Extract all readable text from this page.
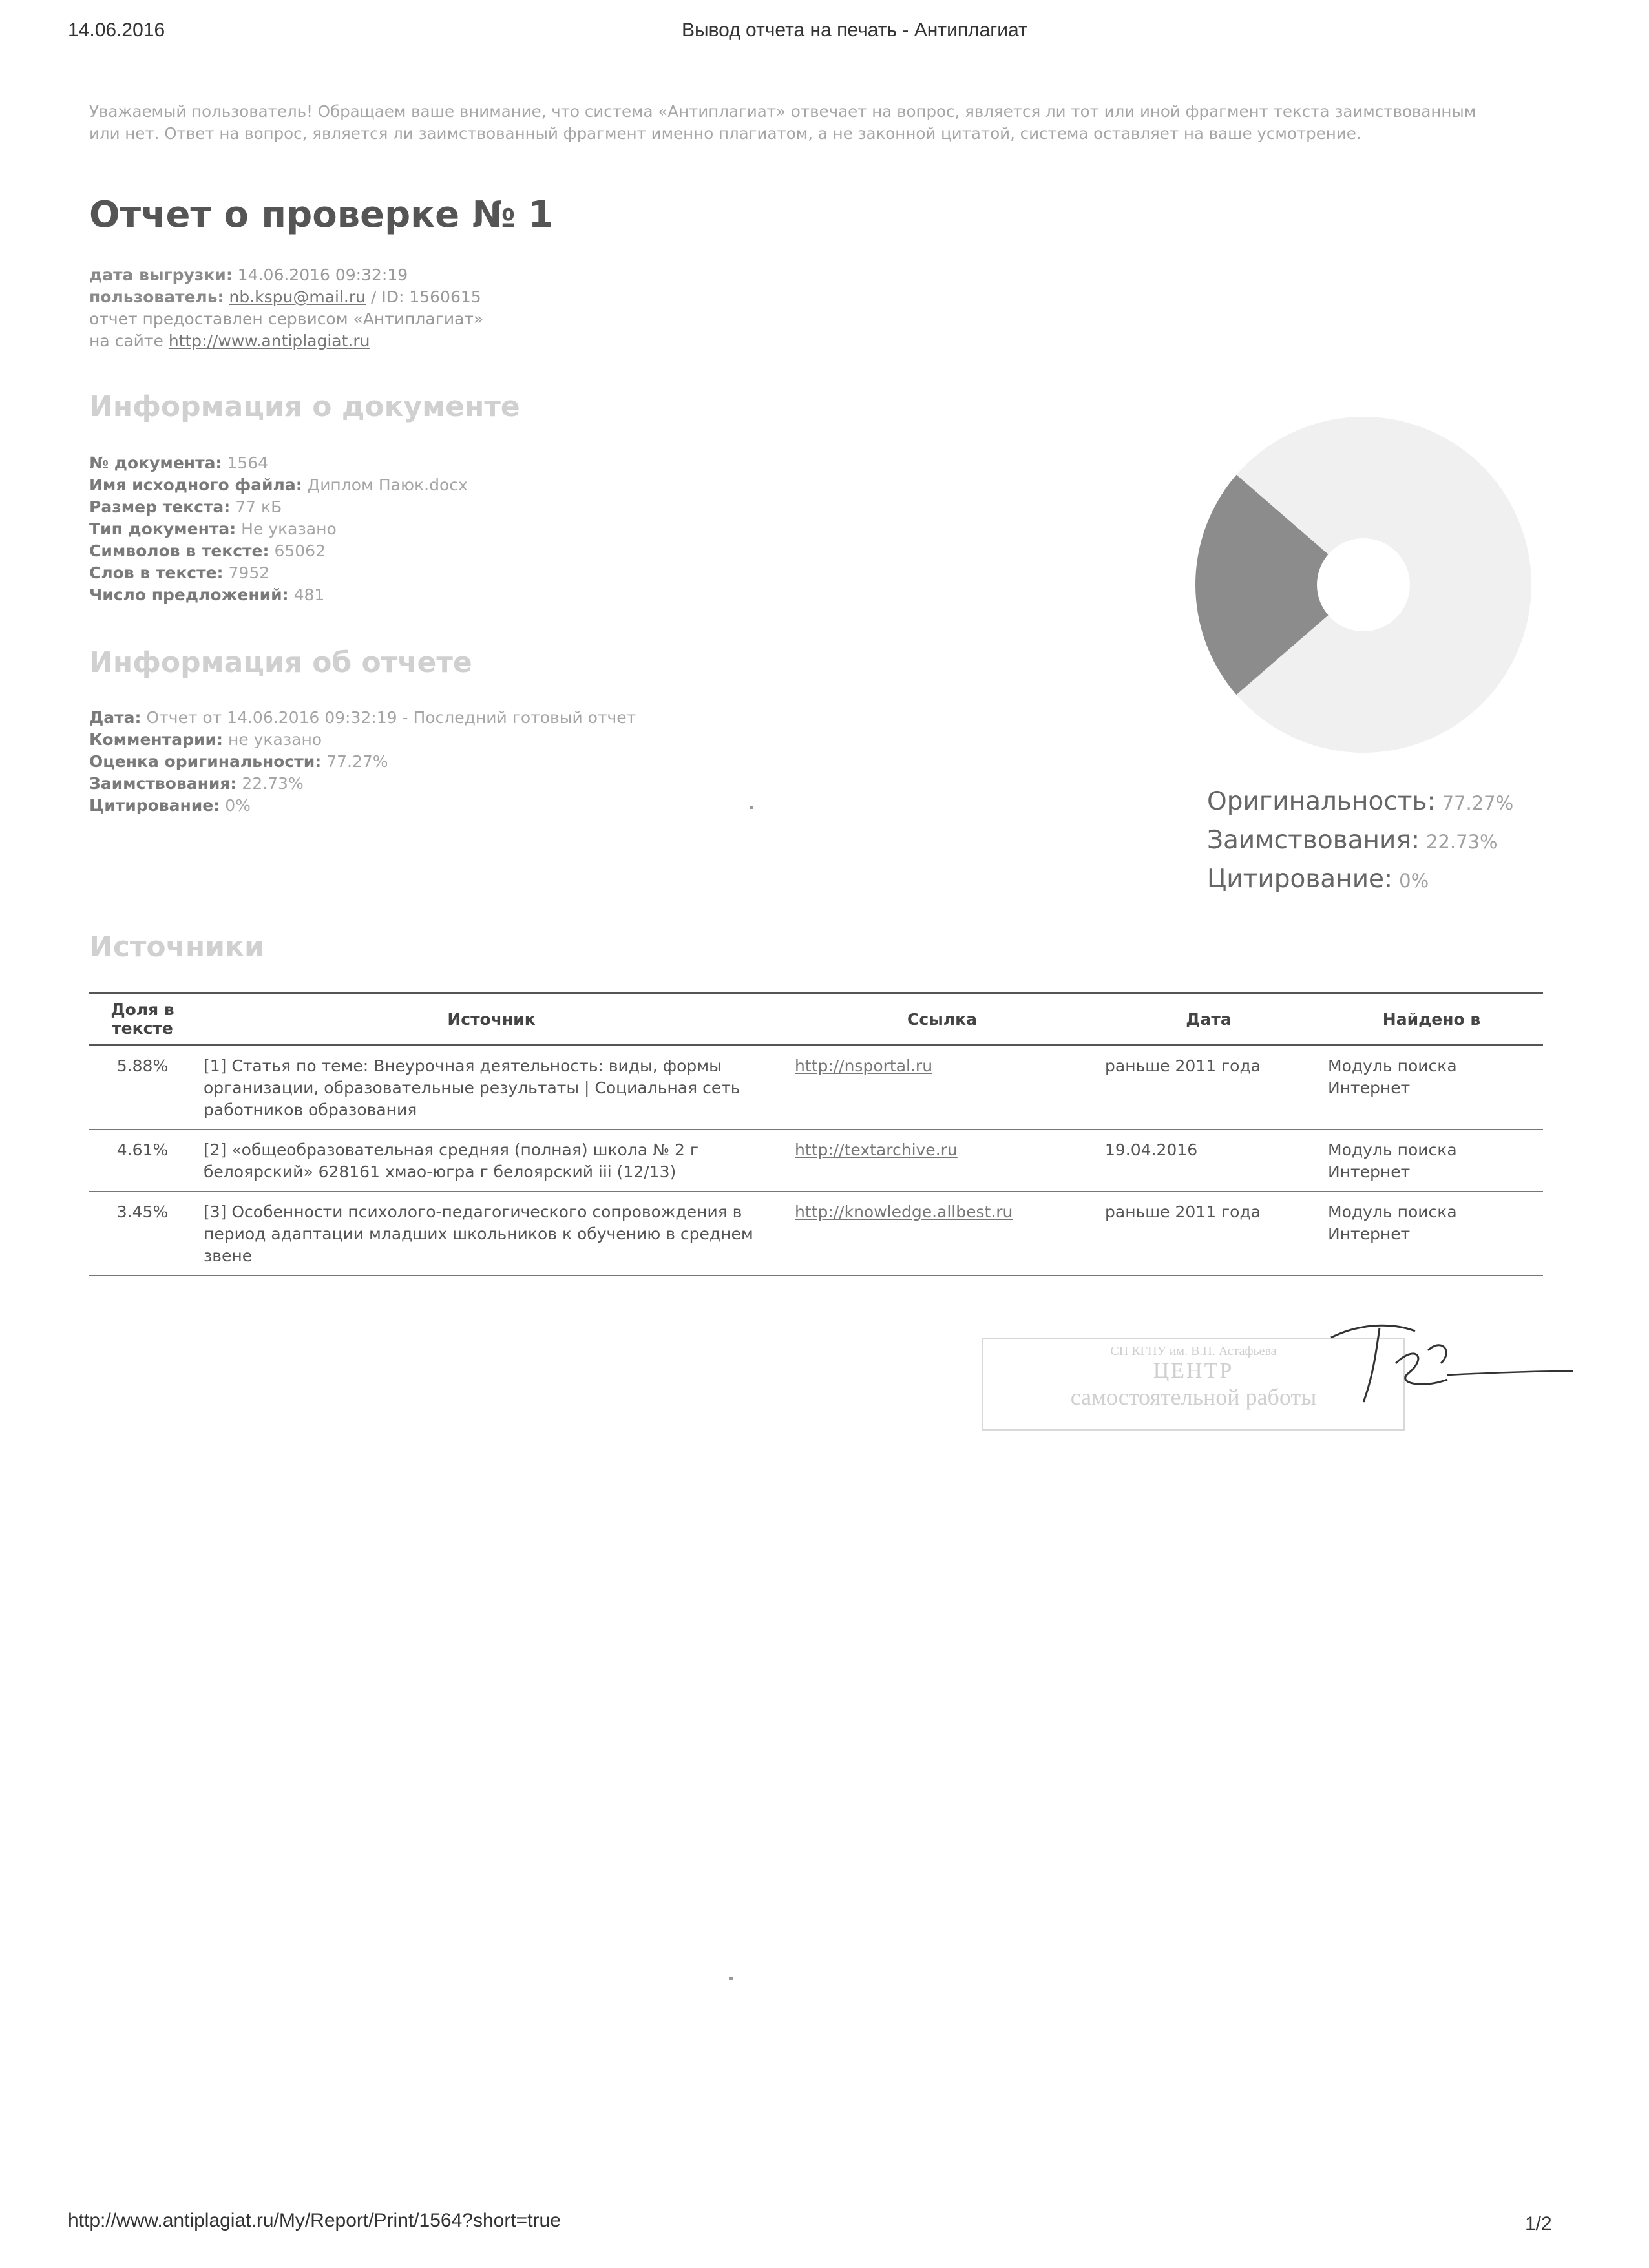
14.06.2016	Вывод отчета на печать - Антиплагиат
Уважаемый пользователь! Обращаем ваше внимание, что система «Антиплагиат» отвечает на вопрос, является ли тот или иной фрагмент текста заимствованным или нет. Ответ на вопрос, является ли заимствованный фрагмент именно плагиатом, а не законной цитатой, система оставляет на ваше усмотрение.
Отчет о проверке № 1
дата выгрузки: 14.06.2016 09:32:19
пользователь: nb.kspu@mail.ru / ID: 1560615
отчет предоставлен сервисом «Антиплагиат»
на сайте http://www.antiplagiat.ru
Информация о документе
№ документа: 1564
Имя исходного файла: Диплом Паюк.docx
Размер текста: 77 кБ
Тип документа: Не указано
Символов в тексте: 65062
Слов в тексте: 7952
Число предложений: 481
Информация об отчете
Дата: Отчет от 14.06.2016 09:32:19 - Последний готовый отчет
Комментарии: не указано
Оценка оригинальности: 77.27%
Заимствования: 22.73%
Цитирование: 0%	Оригинальность: 77.27%
Заимствования: 22.73%
Цитирование: 0%
Источники
Доля в тексте	Источник	Ссылка	Дата	Найдено в
5.88%	[1] Статья по теме: Внеурочная деятельность: виды, формы организации, образовательные результаты | Социальная сеть работников образования	http://nsportal.ru	раньше 2011 года	Модуль поиска Интернет
4.61%	[2] «общеобразовательная средняя (полная) школа № 2 г белоярский» 628161 хмао-югра г белоярский iii (12/13)	http://textarchive.ru	19.04.2016	Модуль поиска Интернет
3.45%	[3] Особенности психолого-педагогического сопровождения в период адаптации младших школьников к обучению в среднем звене	http://knowledge.allbest.ru	раньше 2011 года	Модуль поиска Интернет
СП КГПУ им. В.П. Астафьева
ЦЕНТР
самостоятельной работы
http://www.antiplagiat.ru/My/Report/Print/1564?short=true	1/2
